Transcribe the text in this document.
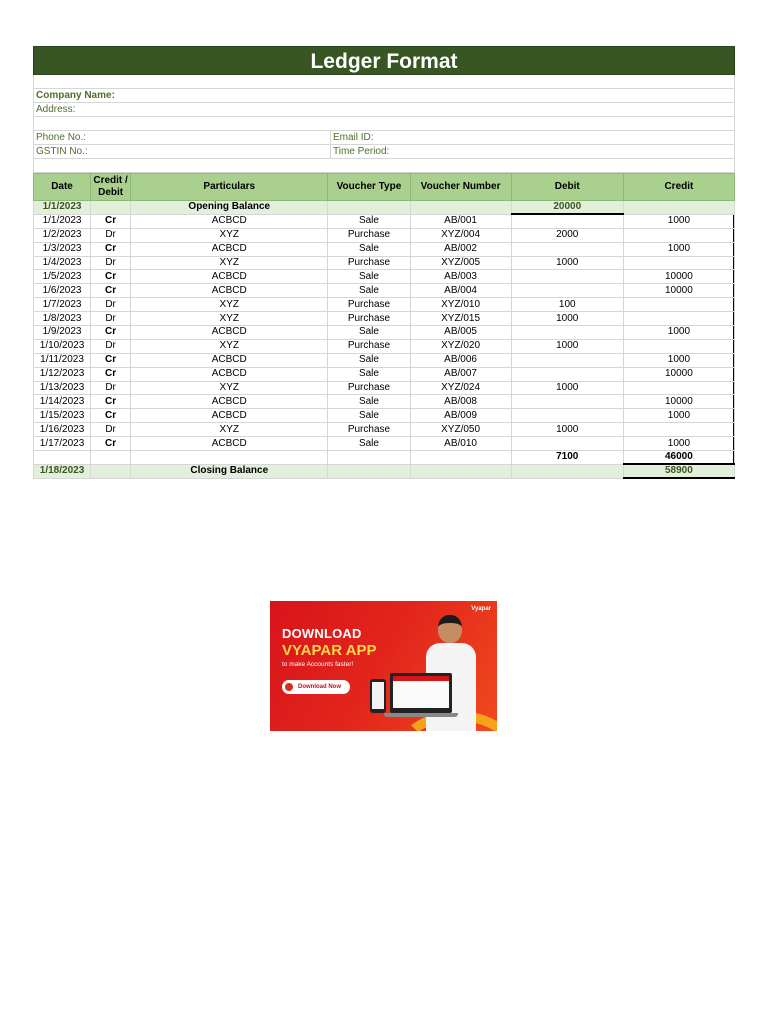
Ledger Format
Company Name:
Address:
Phone No.:	Email ID:
GSTIN No.:	Time Period:
Date	Credit / Debit	Particulars	Voucher Type	Voucher Number	Debit	Credit
1/1/2023		Opening Balance			20000	
1/1/2023	Cr	ACBCD	Sale	AB/001		1000
1/2/2023	Dr	XYZ	Purchase	XYZ/004	2000	
1/3/2023	Cr	ACBCD	Sale	AB/002		1000
1/4/2023	Dr	XYZ	Purchase	XYZ/005	1000	
1/5/2023	Cr	ACBCD	Sale	AB/003		10000
1/6/2023	Cr	ACBCD	Sale	AB/004		10000
1/7/2023	Dr	XYZ	Purchase	XYZ/010	100	
1/8/2023	Dr	XYZ	Purchase	XYZ/015	1000	
1/9/2023	Cr	ACBCD	Sale	AB/005		1000
1/10/2023	Dr	XYZ	Purchase	XYZ/020	1000	
1/11/2023	Cr	ACBCD	Sale	AB/006		1000
1/12/2023	Cr	ACBCD	Sale	AB/007		10000
1/13/2023	Dr	XYZ	Purchase	XYZ/024	1000	
1/14/2023	Cr	ACBCD	Sale	AB/008		10000
1/15/2023	Cr	ACBCD	Sale	AB/009		1000
1/16/2023	Dr	XYZ	Purchase	XYZ/050	1000	
1/17/2023	Cr	ACBCD	Sale	AB/010		1000
					7100	46000
1/18/2023		Closing Balance				58900
Vyapar
DOWNLOAD
VYAPAR APP
to make Accounts faster!
Download Now
